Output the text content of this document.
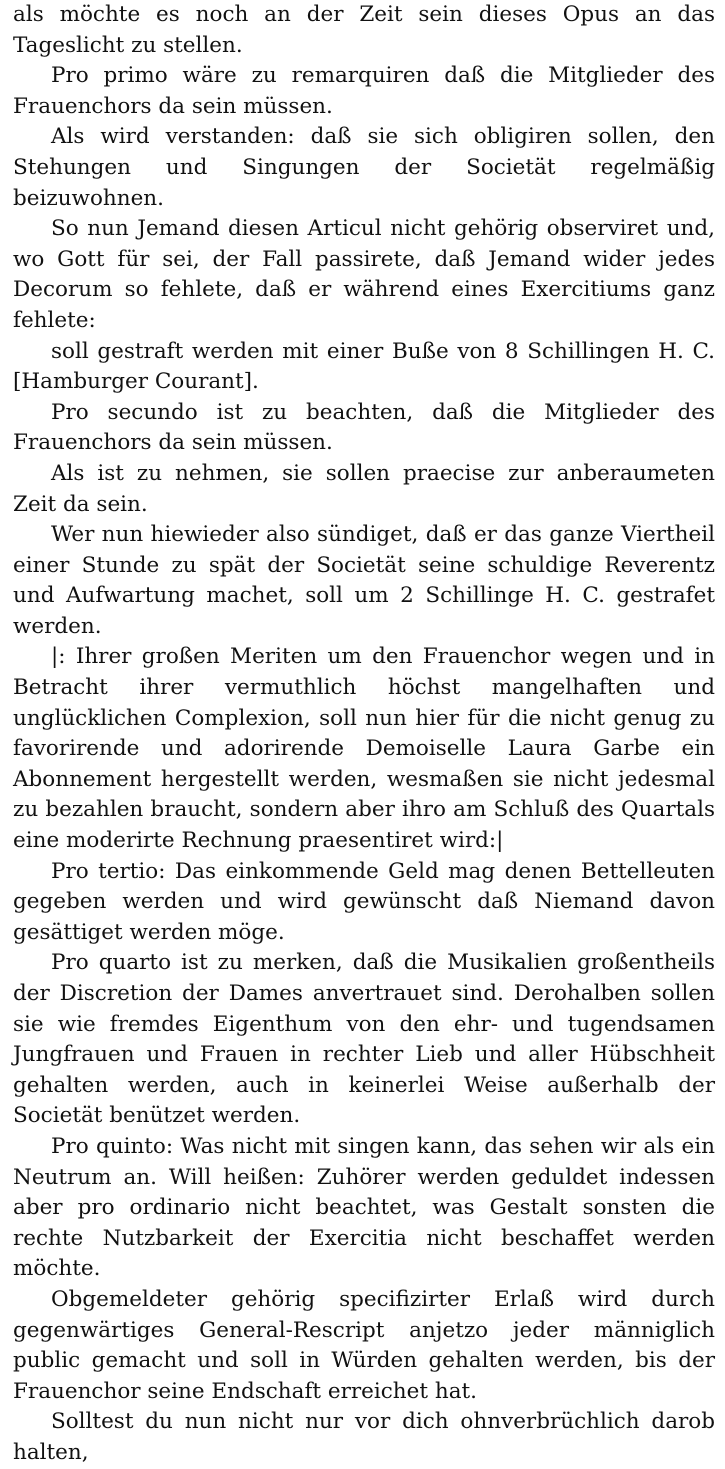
als möchte es noch an der Zeit sein dieses Opus an das Tageslicht zu stellen.

Pro primo wäre zu remarquiren daß die Mitglieder des Frauenchors da sein müssen.

Als wird verstanden: daß sie sich obligiren sollen, den Stehungen und Singungen der Societät regelmäßig beizuwohnen.

So nun Jemand diesen Articul nicht gehörig observiret und, wo Gott für sei, der Fall passirete, daß Jemand wider jedes Decorum so fehlete, daß er während eines Exercitiums ganz fehlete:

soll gestraft werden mit einer Buße von 8 Schillingen H. C. [Hamburger Courant].

Pro secundo ist zu beachten, daß die Mitglieder des Frauenchors da sein müssen.

Als ist zu nehmen, sie sollen praecise zur anberaumeten Zeit da sein.

Wer nun hiewieder also sündiget, daß er das ganze Viertheil einer Stunde zu spät der Societät seine schuldige Reverentz und Aufwartung machet, soll um 2 Schillinge H. C. gestrafet werden.

|: Ihrer großen Meriten um den Frauenchor wegen und in Betracht ihrer vermuthlich höchst mangelhaften und unglücklichen Complexion, soll nun hier für die nicht genug zu favorirende und adorirende Demoiselle Laura Garbe ein Abonnement hergestellt werden, wesmaßen sie nicht jedesmal zu bezahlen braucht, sondern aber ihro am Schluß des Quartals eine moderirte Rechnung praesentiret wird:|

Pro tertio: Das einkommende Geld mag denen Bettelleuten gegeben werden und wird gewünscht daß Niemand davon gesättiget werden möge.

Pro quarto ist zu merken, daß die Musikalien großentheils der Discretion der Dames anvertrauet sind. Derohalben sollen sie wie fremdes Eigenthum von den ehr- und tugendsamen Jungfrauen und Frauen in rechter Lieb und aller Hübschheit gehalten werden, auch in keinerlei Weise außerhalb der Societät benützet werden.

Pro quinto: Was nicht mit singen kann, das sehen wir als ein Neutrum an. Will heißen: Zuhörer werden geduldet indessen aber pro ordinario nicht beachtet, was Gestalt sonsten die rechte Nutzbarkeit der Exercitia nicht beschaffet werden möchte.

Obgemeldeter gehörig specifizirter Erlaß wird durch gegenwärtiges General-Rescript anjetzo jeder männiglich public gemacht und soll in Würden gehalten werden, bis der Frauenchor seine Endschaft erreichet hat.

Solltest du nun nicht nur vor dich ohnverbrüchlich darob halten,
